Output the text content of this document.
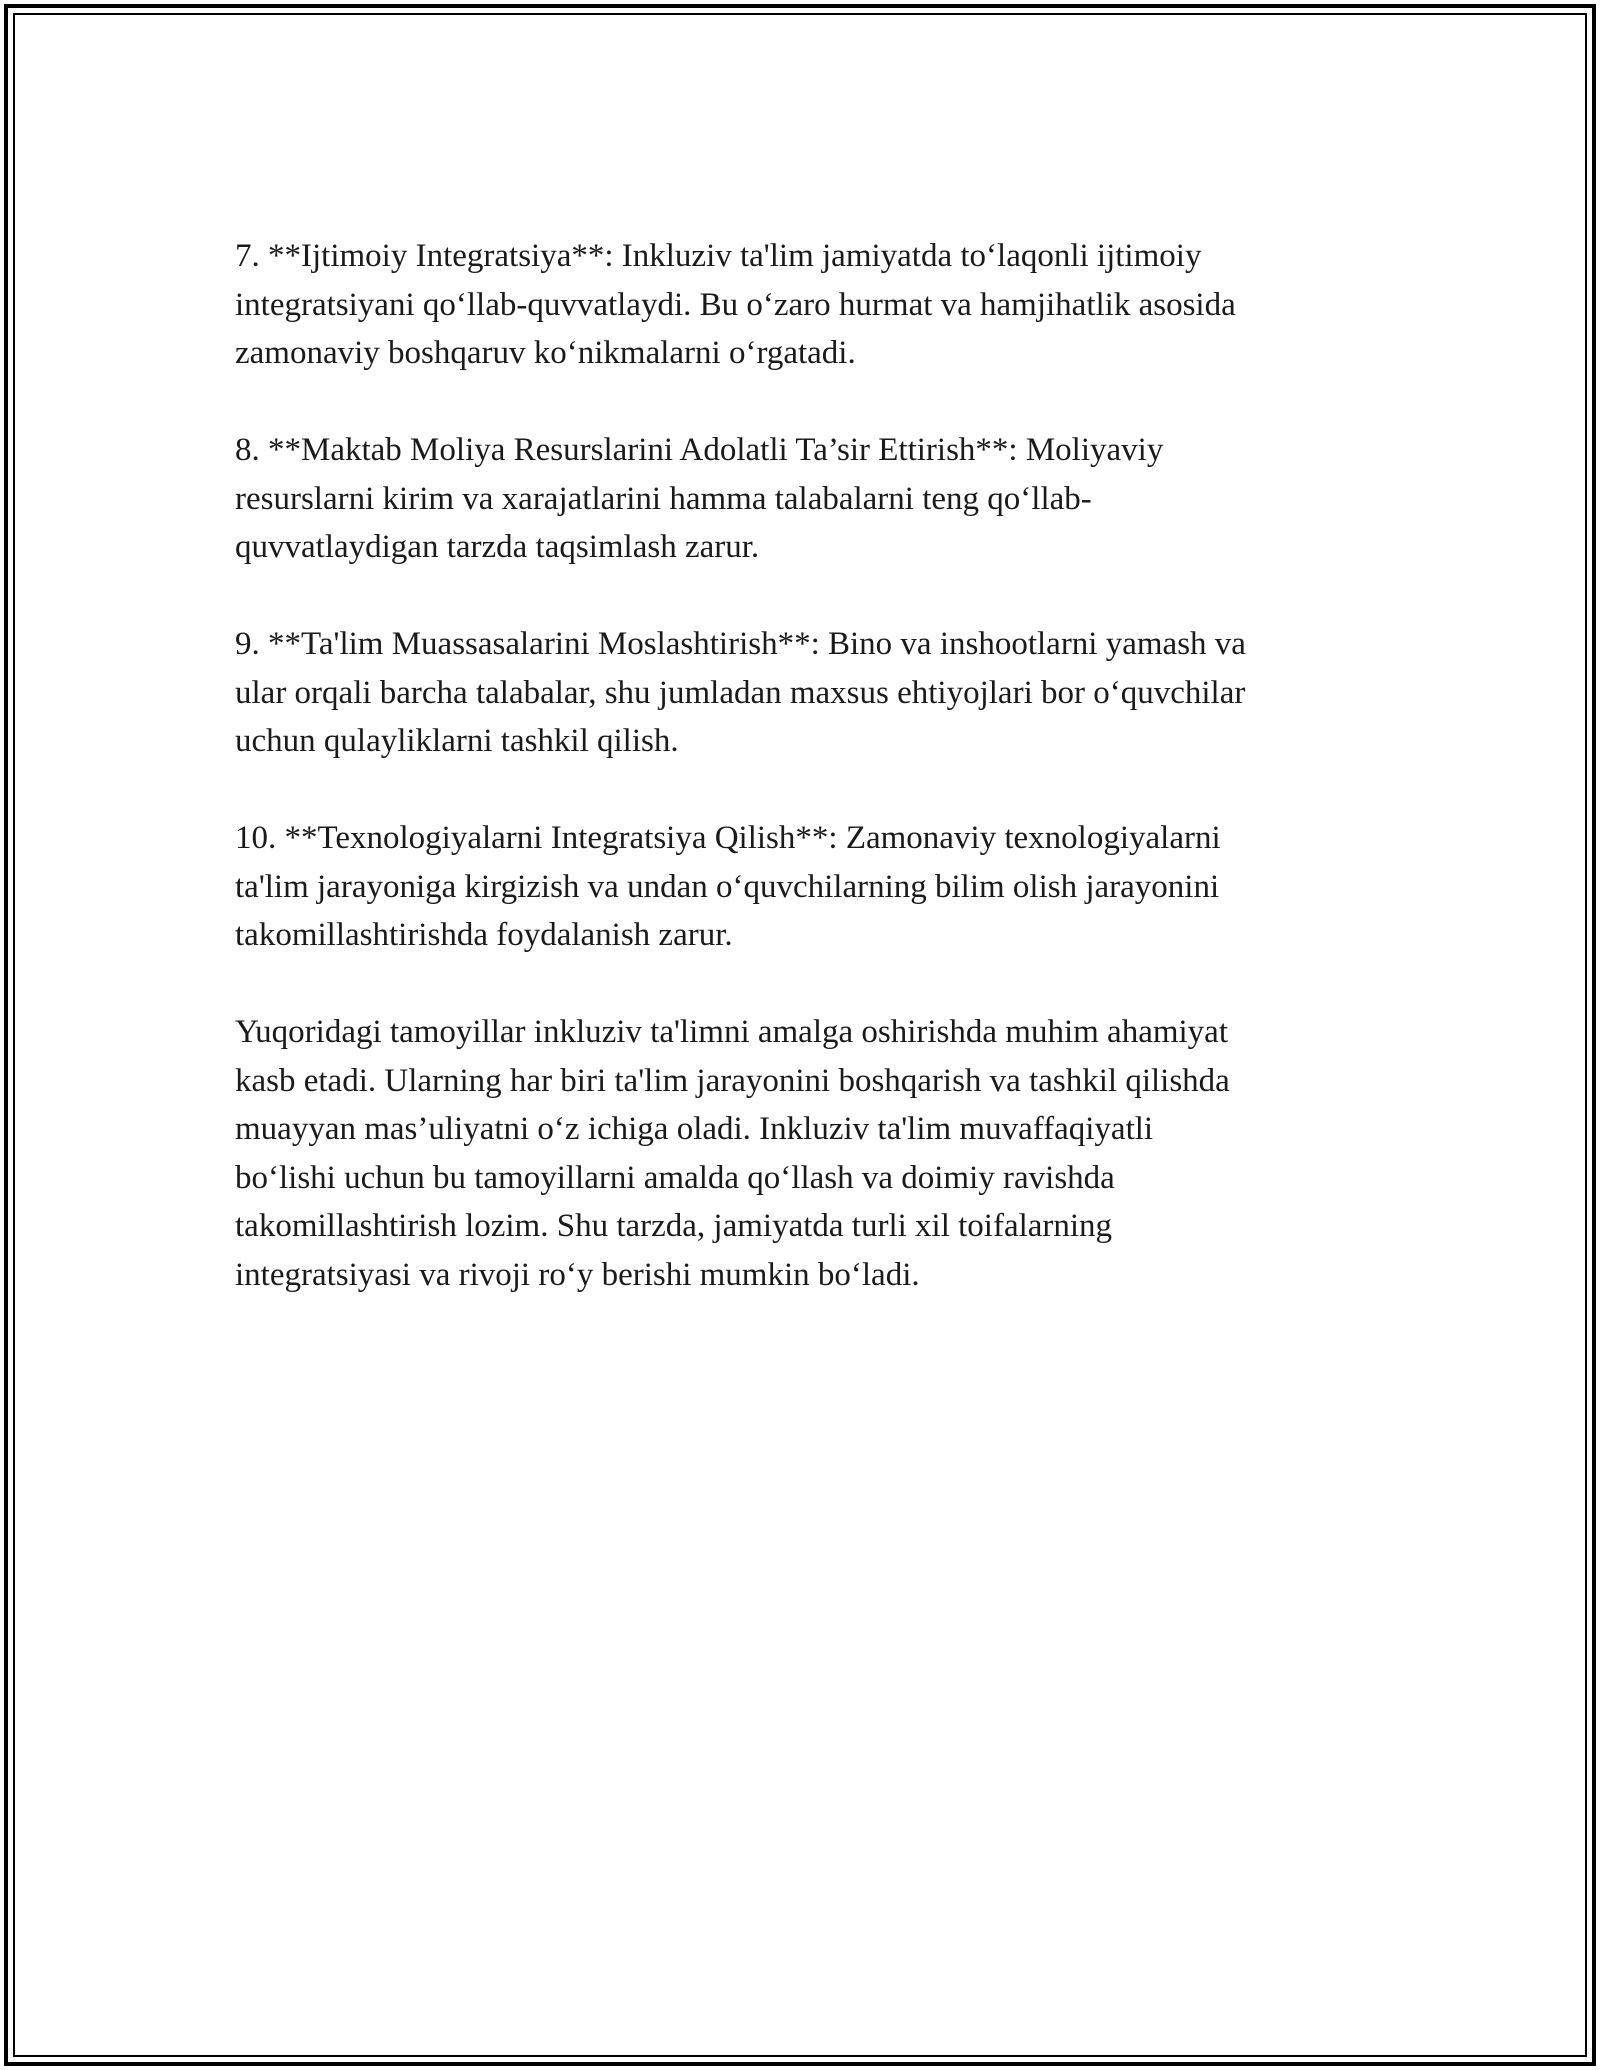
7. **Ijtimoiy Integratsiya**: Inkluziv ta'lim jamiyatda to‘laqonli ijtimoiy
integratsiyani qo‘llab-quvvatlaydi. Bu o‘zaro hurmat va hamjihatlik asosida
zamonaviy boshqaruv ko‘nikmalarni o‘rgatadi.

8. **Maktab Moliya Resurslarini Adolatli Ta’sir Ettirish**: Moliyaviy
resurslarni kirim va xarajatlarini hamma talabalarni teng qo‘llab-
quvvatlaydigan tarzda taqsimlash zarur.

9. **Ta'lim Muassasalarini Moslashtirish**: Bino va inshootlarni yamash va
ular orqali barcha talabalar, shu jumladan maxsus ehtiyojlari bor o‘quvchilar
uchun qulayliklarni tashkil qilish.

10. **Texnologiyalarni Integratsiya Qilish**: Zamonaviy texnologiyalarni
ta'lim jarayoniga kirgizish va undan o‘quvchilarning bilim olish jarayonini
takomillashtirishda foydalanish zarur.

Yuqoridagi tamoyillar inkluziv ta'limni amalga oshirishda muhim ahamiyat
kasb etadi. Ularning har biri ta'lim jarayonini boshqarish va tashkil qilishda
muayyan mas’uliyatni o‘z ichiga oladi. Inkluziv ta'lim muvaffaqiyatli
bo‘lishi uchun bu tamoyillarni amalda qo‘llash va doimiy ravishda
takomillashtirish lozim. Shu tarzda, jamiyatda turli xil toifalarning
integratsiyasi va rivoji ro‘y berishi mumkin bo‘ladi.
